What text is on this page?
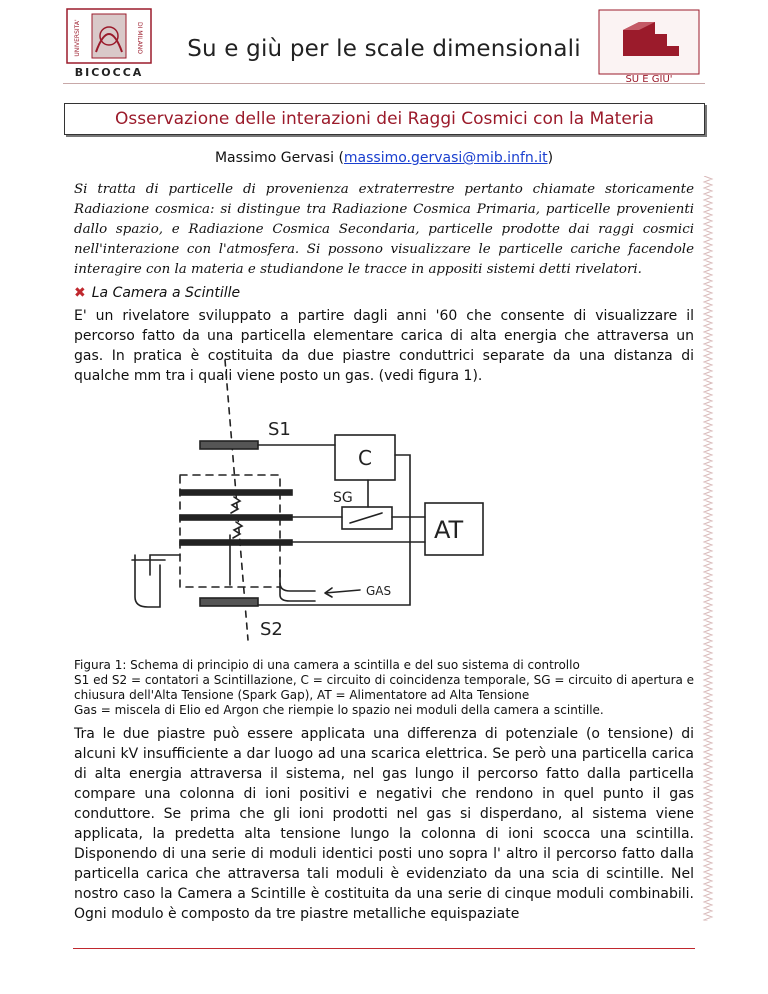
UNIVERSITA'	DI MILANO
BICOCCA
Su e giù per le scale dimensionali
SU E GIU'
Osservazione delle interazioni dei Raggi Cosmici con la Materia
Massimo Gervasi (massimo.gervasi@mib.infn.it)
Si tratta di particelle di provenienza extraterrestre pertanto chiamate storicamente Radiazione cosmica: si distingue tra Radiazione Cosmica Primaria, particelle provenienti dallo spazio, e Radiazione Cosmica Secondaria, particelle prodotte dai raggi cosmici nell'interazione con l'atmosfera. Si possono visualizzare le particelle cariche facendole interagire con la materia e studiandone le tracce in appositi sistemi detti rivelatori.
✖ La Camera a Scintille
E' un rivelatore sviluppato a partire dagli anni '60 che consente di visualizzare il percorso fatto da una particella elementare carica di alta energia che attraversa un gas. In pratica è costituita da due piastre conduttrici separate da una distanza di qualche mm tra i quali viene posto un gas. (vedi figura 1).
S1
C
SG
AT
GAS
S2
Figura 1: Schema di principio di una camera a scintilla e del suo sistema di controllo
S1 ed S2 = contatori a Scintillazione, C = circuito di coincidenza temporale, SG = circuito di apertura e chiusura dell'Alta Tensione (Spark Gap), AT = Alimentatore ad Alta Tensione
Gas = miscela di Elio ed Argon che riempie lo spazio nei moduli della camera a scintille.
Tra le due piastre può essere applicata una differenza di potenziale (o tensione) di alcuni kV insufficiente a dar luogo ad una scarica elettrica. Se però una particella carica di alta energia attraversa il sistema, nel gas lungo il percorso fatto dalla particella compare una colonna di ioni positivi e negativi che rendono in quel punto il gas conduttore. Se prima che gli ioni prodotti nel gas si disperdano, al sistema viene applicata, la predetta alta tensione lungo la colonna di ioni scocca una scintilla. Disponendo di una serie di moduli identici posti uno sopra l' altro il percorso fatto dalla particella carica che attraversa tali moduli è evidenziato da una scia di scintille. Nel nostro caso la Camera a Scintille è costituita da una serie di cinque moduli combinabili. Ogni modulo è composto da tre piastre metalliche equispaziate
